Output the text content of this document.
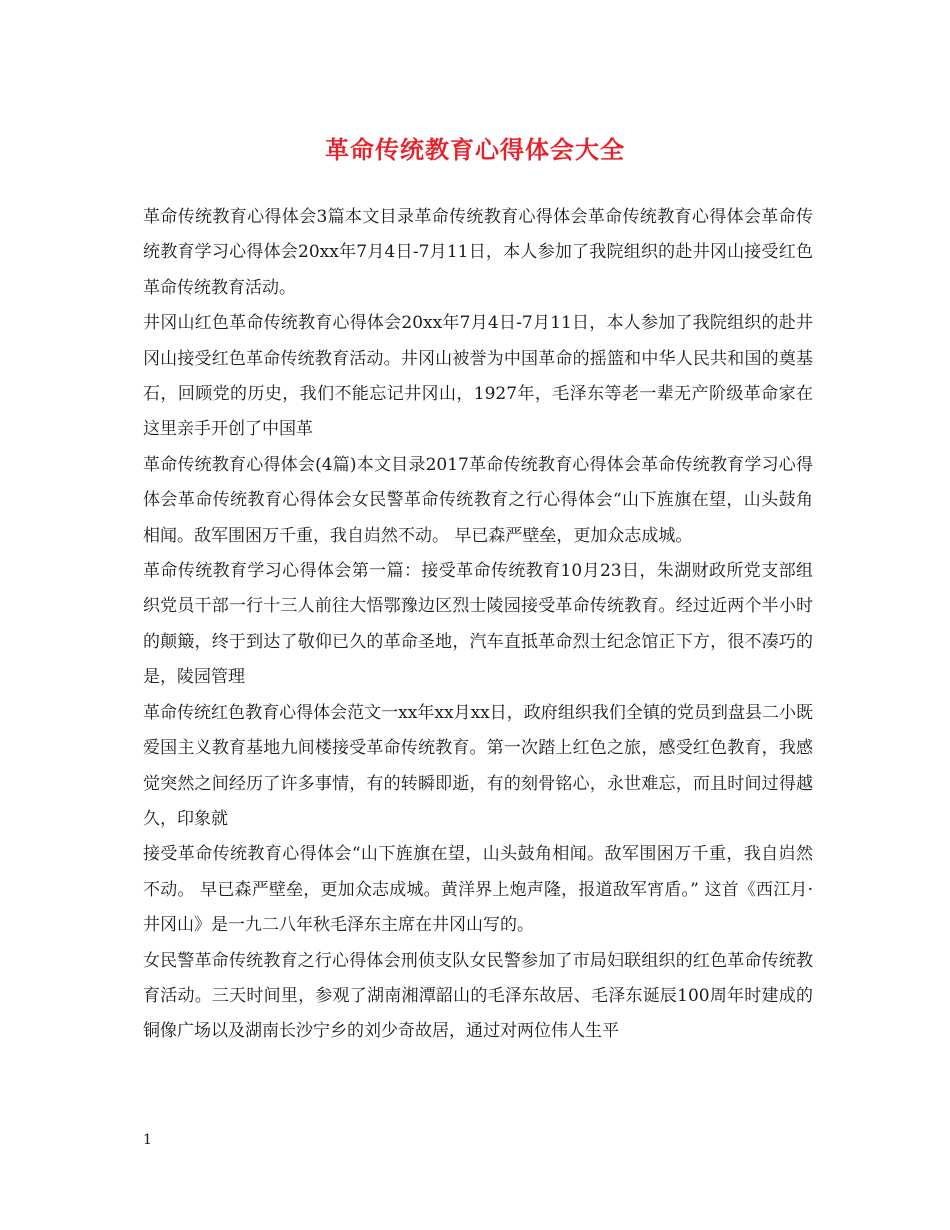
革命传统教育心得体会大全

革命传统教育心得体会3篇本文目录革命传统教育心得体会革命传统教育心得体会革命传统教育学习心得体会20xx年7月4日-7月11日，本人参加了我院组织的赴井冈山接受红色革命传统教育活动。

井冈山红色革命传统教育心得体会20xx年7月4日-7月11日，本人参加了我院组织的赴井冈山接受红色革命传统教育活动。井冈山被誉为中国革命的摇篮和中华人民共和国的奠基石，回顾党的历史，我们不能忘记井冈山，1927年，毛泽东等老一辈无产阶级革命家在这里亲手开创了中国革

革命传统教育心得体会(4篇)本文目录2017革命传统教育心得体会革命传统教育学习心得体会革命传统教育心得体会女民警革命传统教育之行心得体会“山下旌旗在望，山头鼓角相闻。敌军围困万千重，我自岿然不动。 早已森严壁垒，更加众志成城。

革命传统教育学习心得体会第一篇：接受革命传统教育10月23日，朱湖财政所党支部组织党员干部一行十三人前往大悟鄂豫边区烈士陵园接受革命传统教育。经过近两个半小时的颠簸，终于到达了敬仰已久的革命圣地，汽车直抵革命烈士纪念馆正下方，很不凑巧的是，陵园管理

革命传统红色教育心得体会范文一xx年xx月xx日，政府组织我们全镇的党员到盘县二小既爱国主义教育基地九间楼接受革命传统教育。第一次踏上红色之旅，感受红色教育，我感觉突然之间经历了许多事情，有的转瞬即逝，有的刻骨铭心，永世难忘，而且时间过得越久，印象就

接受革命传统教育心得体会“山下旌旗在望，山头鼓角相闻。敌军围困万千重，我自岿然不动。 早已森严壁垒，更加众志成城。黄洋界上炮声隆，报道敌军宵盾。” 这首《西江月·井冈山》是一九二八年秋毛泽东主席在井冈山写的。

女民警革命传统教育之行心得体会刑侦支队女民警参加了市局妇联组织的红色革命传统教育活动。三天时间里，参观了湖南湘潭韶山的毛泽东故居、毛泽东诞辰100周年时建成的铜像广场以及湖南长沙宁乡的刘少奇故居，通过对两位伟人生平

1
